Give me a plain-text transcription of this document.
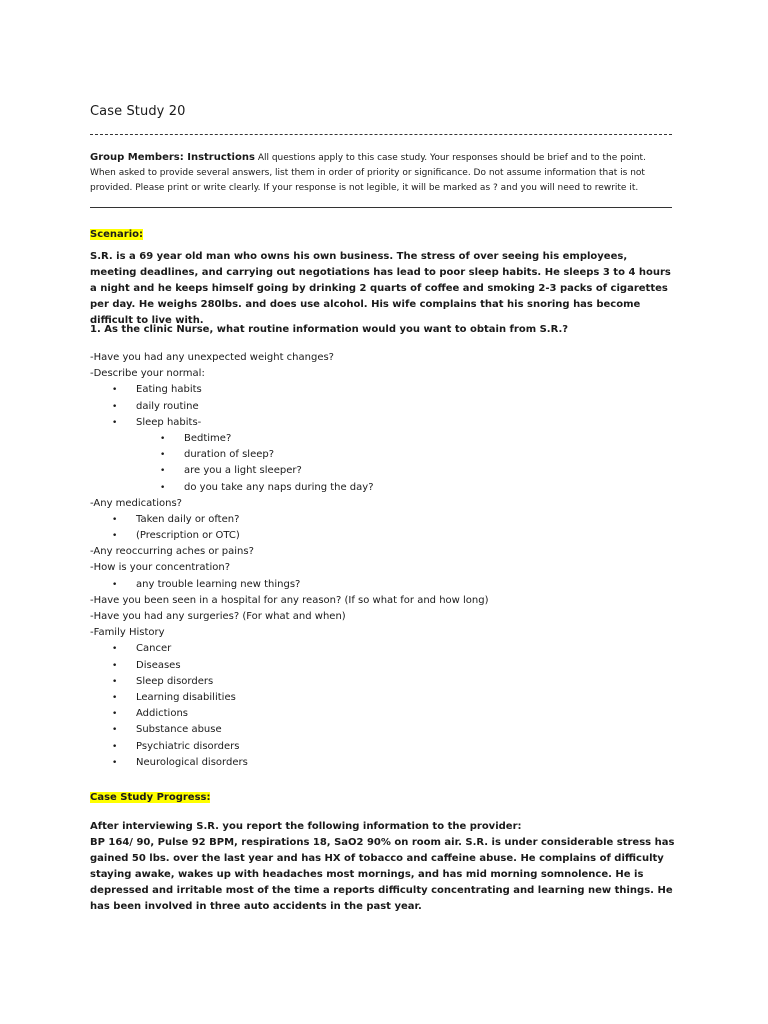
Case Study 20
Group Members: Instructions All questions apply to this case study. Your responses should be brief and to the point. When asked to provide several answers, list them in order of priority or significance. Do not assume information that is not provided. Please print or write clearly. If your response is not legible, it will be marked as ? and you will need to rewrite it.
Scenario:
S.R. is a 69 year old man who owns his own business. The stress of over seeing his employees, meeting deadlines, and carrying out negotiations has lead to poor sleep habits. He sleeps 3 to 4 hours a night and he keeps himself going by drinking 2 quarts of coffee and smoking 2-3 packs of cigarettes per day. He weighs 280lbs. and does use alcohol. His wife complains that his snoring has become difficult to live with.
1. As the clinic Nurse, what routine information would you want to obtain from S.R.?
-Have you had any unexpected weight changes?
-Describe your normal:
• Eating habits
• daily routine
• Sleep habits-
• Bedtime?
• duration of sleep?
• are you a light sleeper?
• do you take any naps during the day?
-Any medications?
• Taken daily or often?
• (Prescription or OTC)
-Any reoccurring aches or pains?
-How is your concentration?
• any trouble learning new things?
-Have you been seen in a hospital for any reason? (If so what for and how long)
-Have you had any surgeries? (For what and when)
-Family History
• Cancer
• Diseases
• Sleep disorders
• Learning disabilities
• Addictions
• Substance abuse
• Psychiatric disorders
• Neurological disorders
Case Study Progress:
After interviewing S.R. you report the following information to the provider:
BP 164/ 90, Pulse 92 BPM, respirations 18, SaO2 90% on room air. S.R. is under considerable stress has gained 50 lbs. over the last year and has HX of tobacco and caffeine abuse. He complains of difficulty staying awake, wakes up with headaches most mornings, and has mid morning somnolence. He is depressed and irritable most of the time a reports difficulty concentrating and learning new things. He has been involved in three auto accidents in the past year.
